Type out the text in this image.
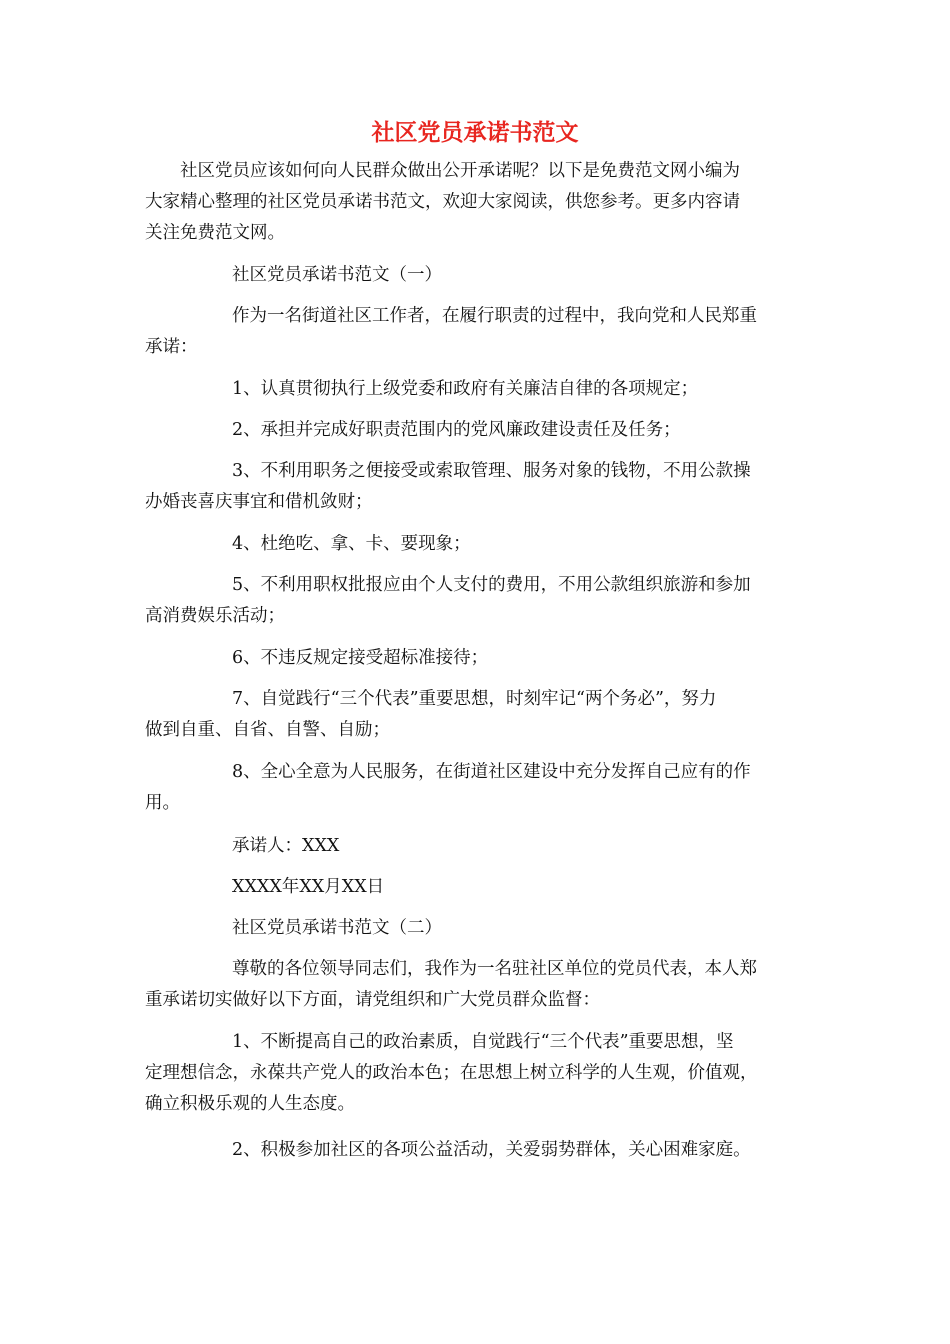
社区党员承诺书范文
社区党员应该如何向人民群众做出公开承诺呢？以下是免费范文网小编为
大家精心整理的社区党员承诺书范文，欢迎大家阅读，供您参考。更多内容请
关注免费范文网。
社区党员承诺书范文（一）
作为一名街道社区工作者，在履行职责的过程中，我向党和人民郑重
承诺：
1、认真贯彻执行上级党委和政府有关廉洁自律的各项规定；
2、承担并完成好职责范围内的党风廉政建设责任及任务；
3、不利用职务之便接受或索取管理、服务对象的钱物，不用公款操
办婚丧喜庆事宜和借机敛财；
4、杜绝吃、拿、卡、要现象；
5、不利用职权批报应由个人支付的费用，不用公款组织旅游和参加
高消费娱乐活动；
6、不违反规定接受超标准接待；
7、自觉践行“三个代表”重要思想，时刻牢记“两个务必”，努力
做到自重、自省、自警、自励；
8、全心全意为人民服务，在街道社区建设中充分发挥自己应有的作
用。
承诺人：XXX
XXXX年XX月XX日
社区党员承诺书范文（二）
尊敬的各位领导同志们，我作为一名驻社区单位的党员代表，本人郑
重承诺切实做好以下方面，请党组织和广大党员群众监督：
1、不断提高自己的政治素质，自觉践行“三个代表”重要思想，坚
定理想信念，永葆共产党人的政治本色；在思想上树立科学的人生观，价值观，
确立积极乐观的人生态度。
2、积极参加社区的各项公益活动，关爱弱势群体，关心困难家庭。
